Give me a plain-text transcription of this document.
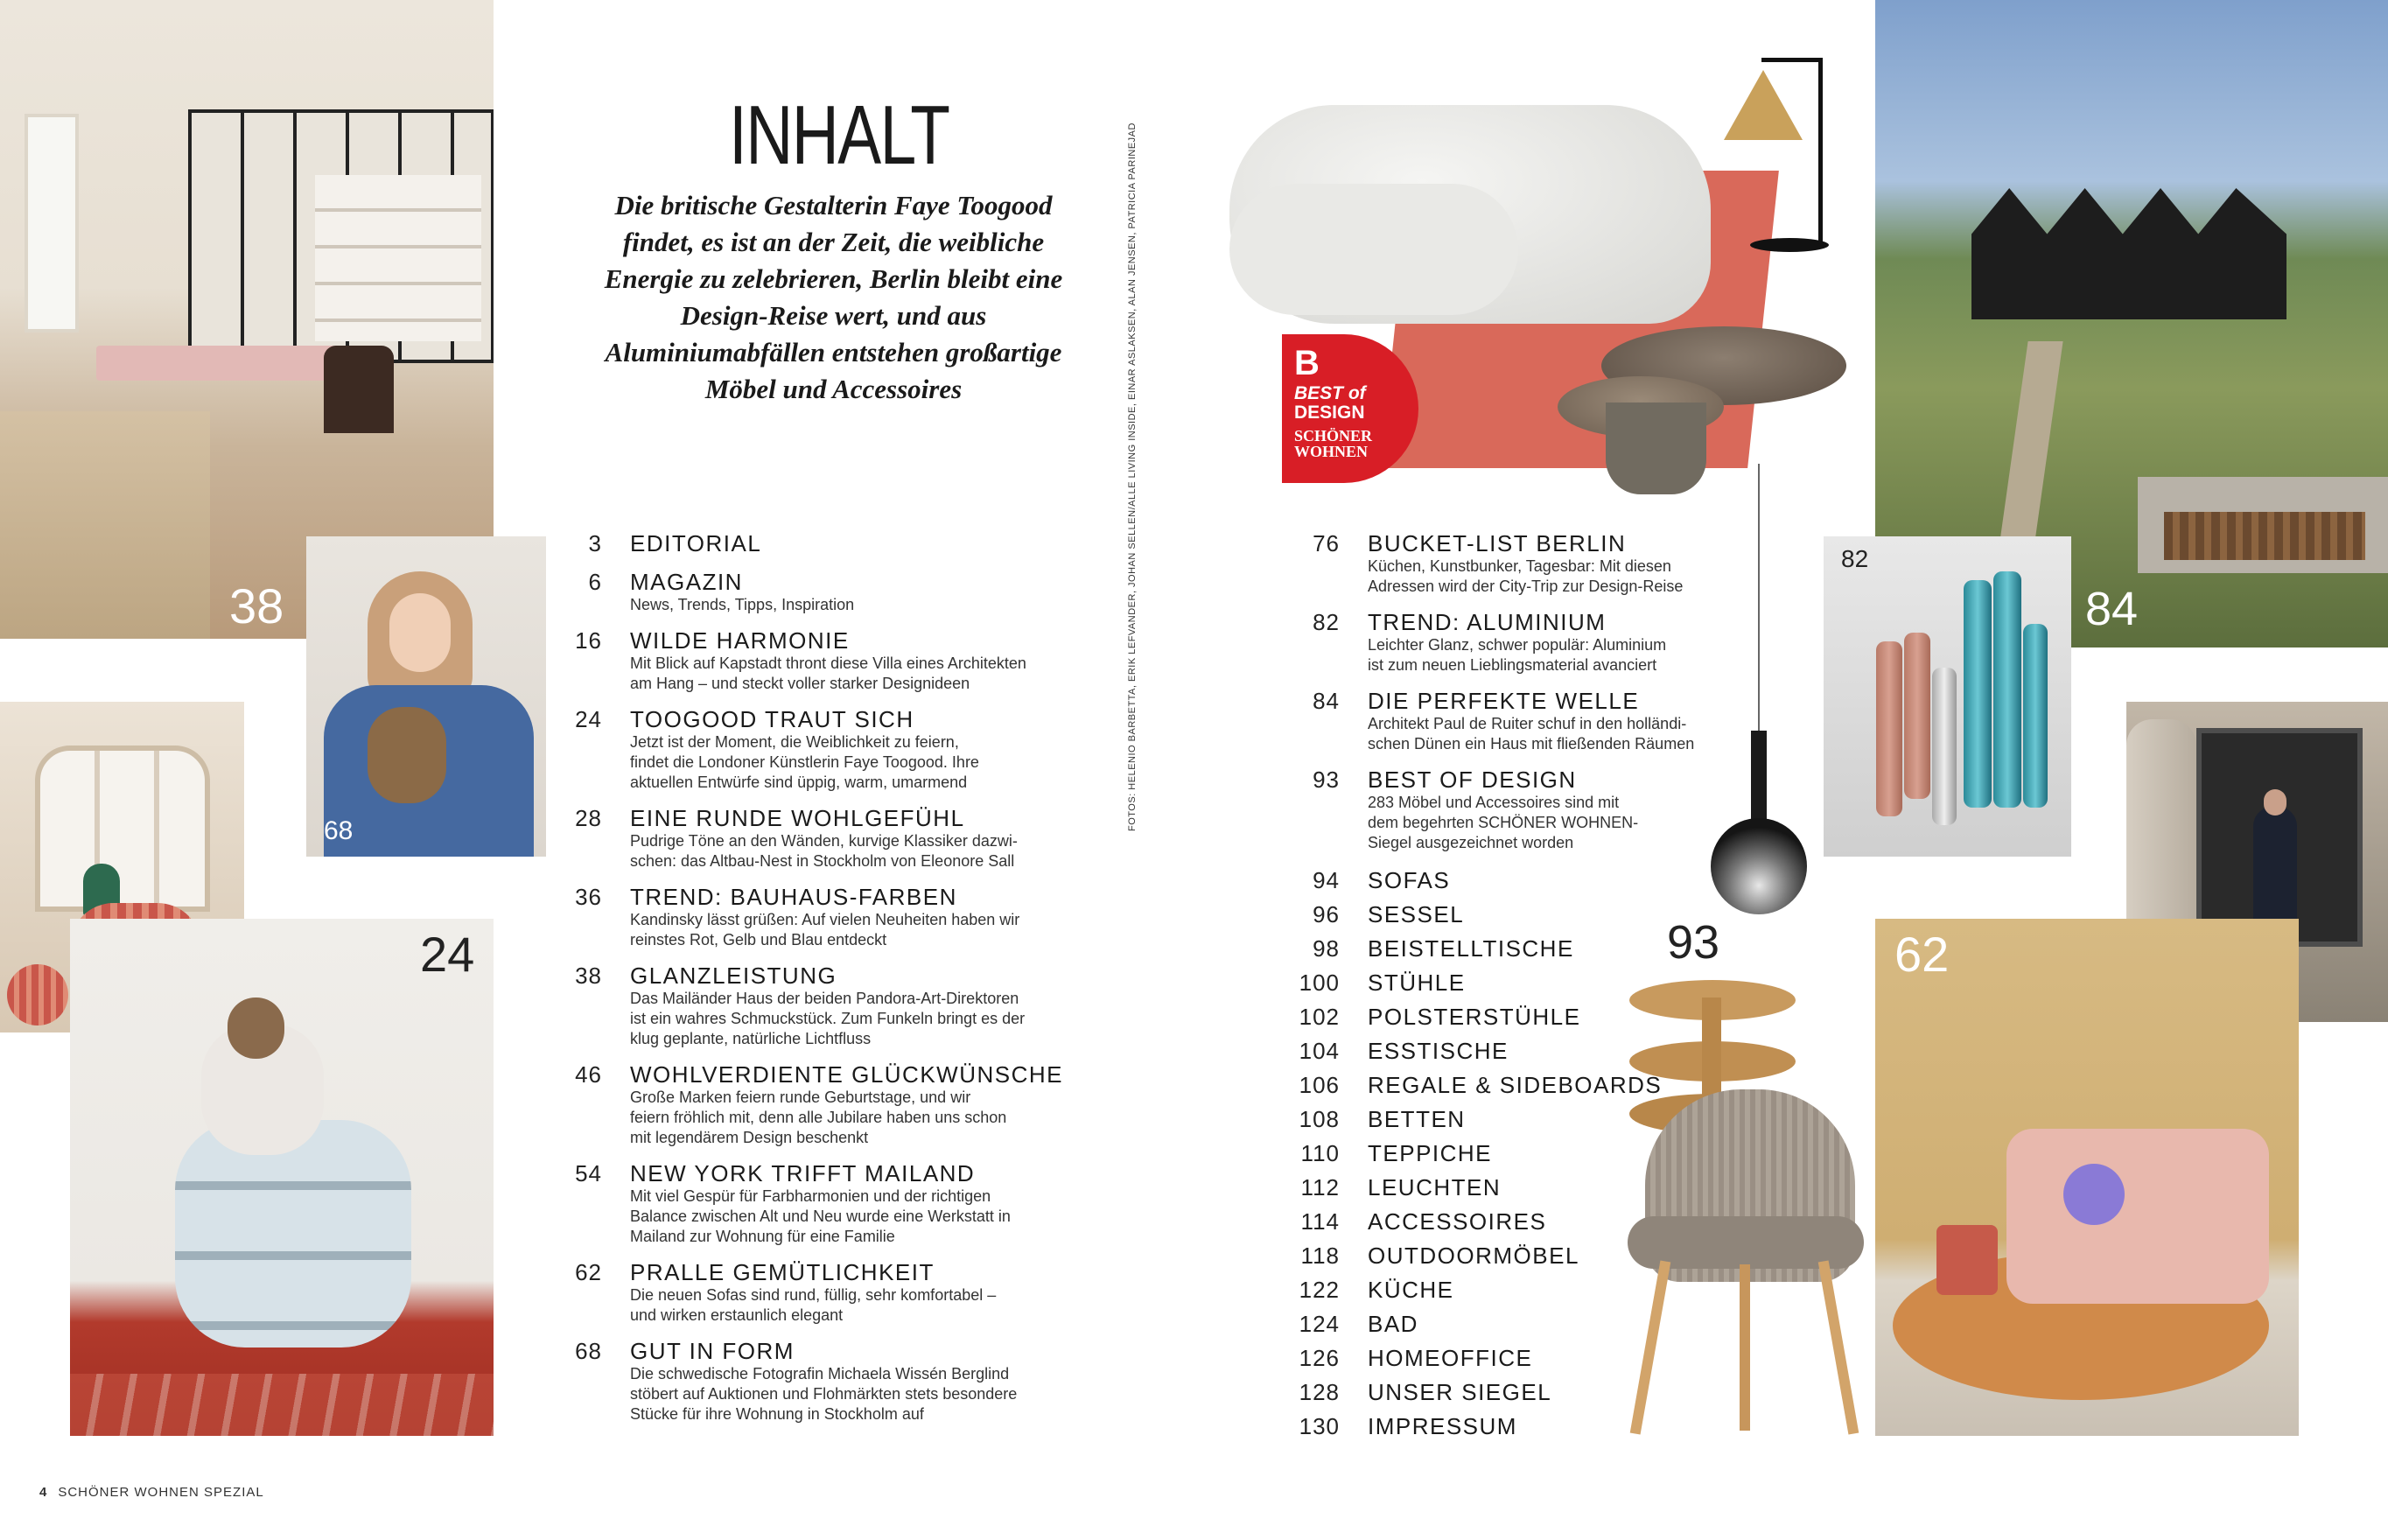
38
68
24
INHALT
Die britische Gestalterin Faye Toogood findet, es ist an der Zeit, die weibliche Energie zu zelebrieren, Berlin bleibt eine Design-Reise wert, und aus Aluminiumabfällen entstehen großartige Möbel und Accessoires
3 EDITORIAL
6 MAGAZIN
News, Trends, Tipps, Inspiration
16 WILDE HARMONIE
Mit Blick auf Kapstadt thront diese Villa eines Architekten
am Hang – und steckt voller starker Designideen
24 TOOGOOD TRAUT SICH
Jetzt ist der Moment, die Weiblichkeit zu feiern,
findet die Londoner Künstlerin Faye Toogood. Ihre
aktuellen Entwürfe sind üppig, warm, umarmend
28 EINE RUNDE WOHLGEFÜHL
Pudrige Töne an den Wänden, kurvige Klassiker dazwi-
schen: das Altbau-Nest in Stockholm von Eleonore Sall
36 TREND: BAUHAUS-FARBEN
Kandinsky lässt grüßen: Auf vielen Neuheiten haben wir
reinstes Rot, Gelb und Blau entdeckt
38 GLANZLEISTUNG
Das Mailänder Haus der beiden Pandora-Art-Direktoren
ist ein wahres Schmuckstück. Zum Funkeln bringt es der
klug geplante, natürliche Lichtfluss
46 WOHLVERDIENTE GLÜCKWÜNSCHE
Große Marken feiern runde Geburtstage, und wir
feiern fröhlich mit, denn alle Jubilare haben uns schon
mit legendärem Design beschenkt
54 NEW YORK TRIFFT MAILAND
Mit viel Gespür für Farbharmonien und der richtigen
Balance zwischen Alt und Neu wurde eine Werkstatt in
Mailand zur Wohnung für eine Familie
62 PRALLE GEMÜTLICHKEIT
Die neuen Sofas sind rund, füllig, sehr komfortabel –
und wirken erstaunlich elegant
68 GUT IN FORM
Die schwedische Fotografin Michaela Wissén Berglind
stöbert auf Auktionen und Flohmärkten stets besondere
Stücke für ihre Wohnung in Stockholm auf
B
BEST of
DESIGN
SCHÖNER
WOHNEN
93
76 BUCKET-LIST BERLIN
Küchen, Kunstbunker, Tagesbar: Mit diesen
Adressen wird der City-Trip zur Design-Reise
82 TREND: ALUMINIUM
Leichter Glanz, schwer populär: Aluminium
ist zum neuen Lieblingsmaterial avanciert
84 DIE PERFEKTE WELLE
Architekt Paul de Ruiter schuf in den holländi-
schen Dünen ein Haus mit fließenden Räumen
93 BEST OF DESIGN
283 Möbel und Accessoires sind mit
dem begehrten SCHÖNER WOHNEN-
Siegel ausgezeichnet worden
94 SOFAS
96 SESSEL
98 BEISTELLTISCHE
100 STÜHLE
102 POLSTERSTÜHLE
104 ESSTISCHE
106 REGALE & SIDEBOARDS
108 BETTEN
110 TEPPICHE
112 LEUCHTEN
114 ACCESSOIRES
118 OUTDOORMÖBEL
122 KÜCHE
124 BAD
126 HOMEOFFICE
128 UNSER SIEGEL
130 IMPRESSUM
84
82
62
FOTOS: HELENIO BARBETTA, ERIK LEFVANDER, JOHAN SELLEN/ALLE LIVING INSIDE, EINAR ASLAKSEN, ALAN JENSEN, PATRICIA PARINEJAD
4 SCHÖNER WOHNEN SPEZIAL
